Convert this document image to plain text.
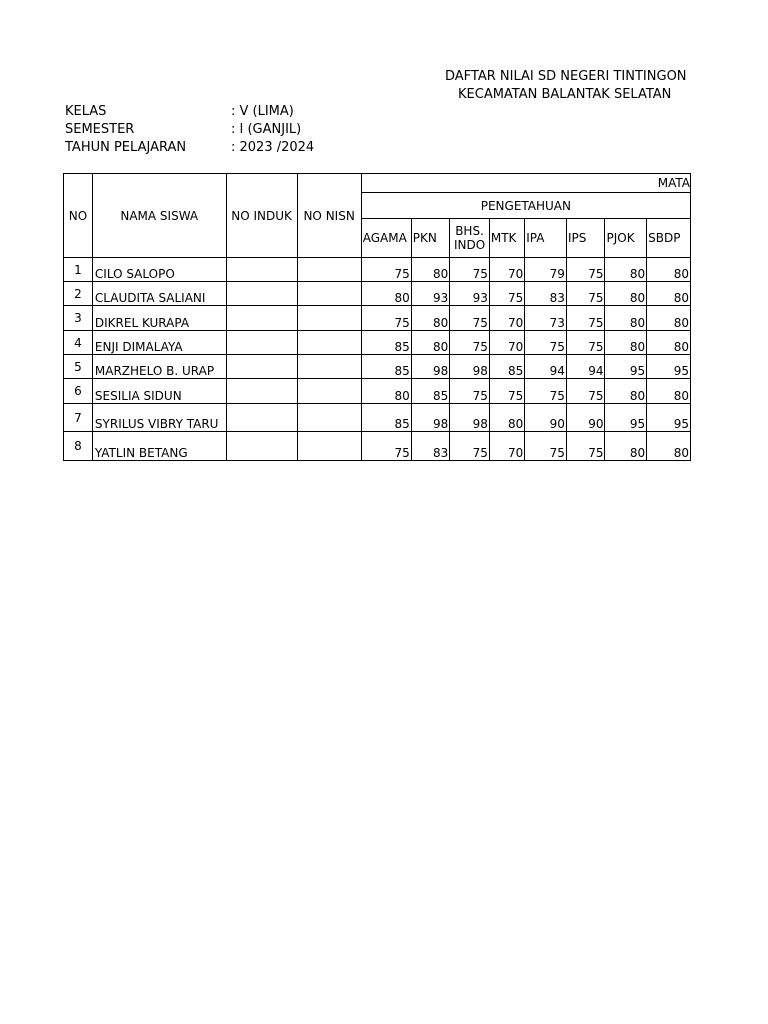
DAFTAR NILAI SD NEGERI TINTINGON
KECAMATAN BALANTAK SELATAN
KELAS	: V (LIMA)
SEMESTER	: I (GANJIL)
TAHUN PELAJARAN	: 2023 /2024
NO	NAMA SISWA	NO INDUK	NO NISN	MATA							
				PENGETAHUAN							
				AGAMA	PKN	BHS. INDO	MTK	IPA	IPS	PJOK	SBDP
1	CILO SALOPO			75	80	75	70	79	75	80	80
2	CLAUDITA SALIANI			80	93	93	75	83	75	80	80
3	DIKREL KURAPA			75	80	75	70	73	75	80	80
4	ENJI DIMALAYA			85	80	75	70	75	75	80	80
5	MARZHELO B. URAP			85	98	98	85	94	94	95	95
6	SESILIA SIDUN			80	85	75	75	75	75	80	80
7	SYRILUS VIBRY TARU			85	98	98	80	90	90	95	95
8	YATLIN BETANG			75	83	75	70	75	75	80	80
